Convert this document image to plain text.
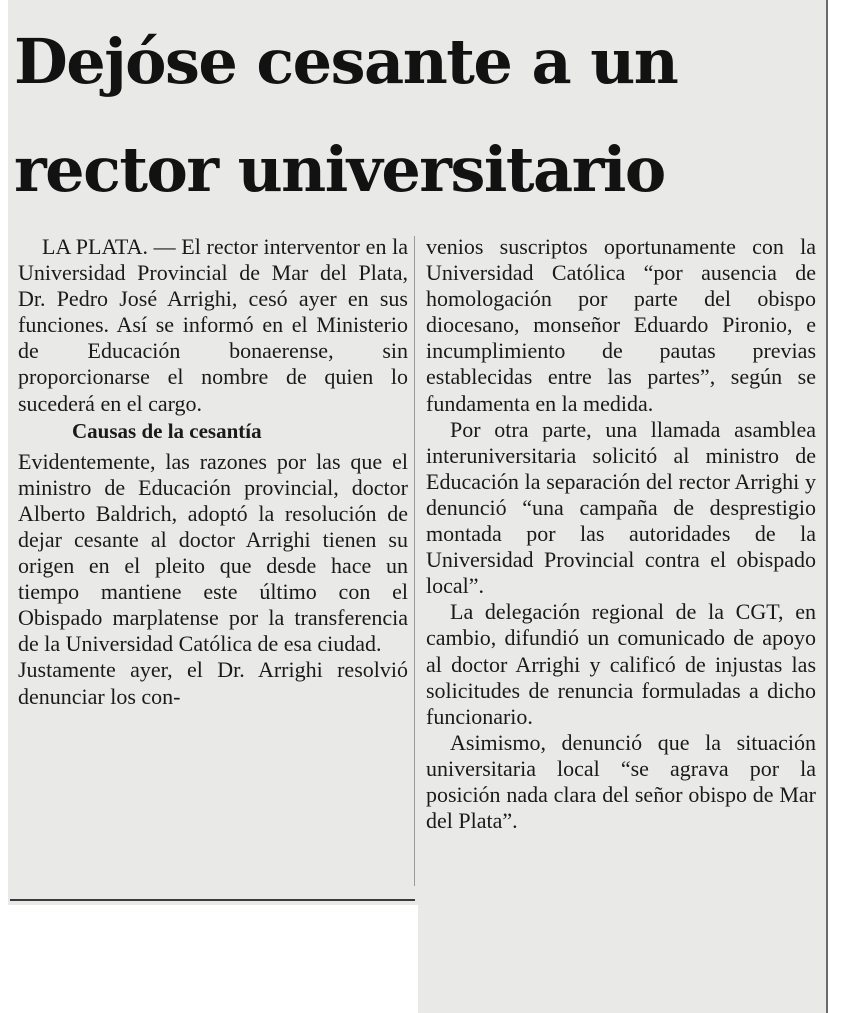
Dejóse cesante a un
rector universitario

LA PLATA. — El rector interventor en la Universidad Provincial de Mar del Plata, Dr. Pedro José Arrighi, cesó ayer en sus funciones. Así se informó en el Ministerio de Educación bonaerense, sin proporcionarse el nombre de quien lo sucederá en el cargo.

Causas de la cesantía

Evidentemente, las razones por las que el ministro de Educación provincial, doctor Alberto Baldrich, adoptó la resolución de dejar cesante al doctor Arrighi tienen su origen en el pleito que desde hace un tiempo mantiene este último con el Obispado marplatense por la transferencia de la Universidad Católica de esa ciudad.

Justamente ayer, el Dr. Arrighi resolvió denunciar los con-

venios suscriptos oportunamente con la Universidad Católica “por ausencia de homologación por parte del obispo diocesano, monseñor Eduardo Pironio, e incumplimiento de pautas previas establecidas entre las partes”, según se fundamenta en la medida.

Por otra parte, una llamada asamblea interuniversitaria solicitó al ministro de Educación la separación del rector Arrighi y denunció “una campaña de desprestigio montada por las autoridades de la Universidad Provincial contra el obispado local”.

La delegación regional de la CGT, en cambio, difundió un comunicado de apoyo al doctor Arrighi y calificó de injustas las solicitudes de renuncia formuladas a dicho funcionario.

Asimismo, denunció que la situación universitaria local “se agrava por la posición nada clara del señor obispo de Mar del Plata”.
